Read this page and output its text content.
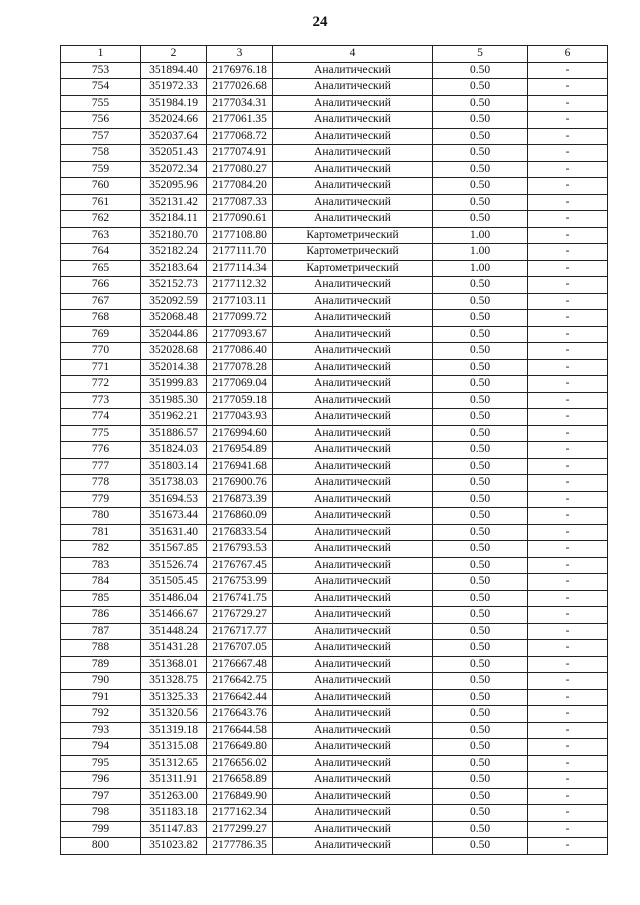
24
1	2	3	4	5	6
753	351894.40	2176976.18	Аналитический	0.50	-
754	351972.33	2177026.68	Аналитический	0.50	-
755	351984.19	2177034.31	Аналитический	0.50	-
756	352024.66	2177061.35	Аналитический	0.50	-
757	352037.64	2177068.72	Аналитический	0.50	-
758	352051.43	2177074.91	Аналитический	0.50	-
759	352072.34	2177080.27	Аналитический	0.50	-
760	352095.96	2177084.20	Аналитический	0.50	-
761	352131.42	2177087.33	Аналитический	0.50	-
762	352184.11	2177090.61	Аналитический	0.50	-
763	352180.70	2177108.80	Картометрический	1.00	-
764	352182.24	2177111.70	Картометрический	1.00	-
765	352183.64	2177114.34	Картометрический	1.00	-
766	352152.73	2177112.32	Аналитический	0.50	-
767	352092.59	2177103.11	Аналитический	0.50	-
768	352068.48	2177099.72	Аналитический	0.50	-
769	352044.86	2177093.67	Аналитический	0.50	-
770	352028.68	2177086.40	Аналитический	0.50	-
771	352014.38	2177078.28	Аналитический	0.50	-
772	351999.83	2177069.04	Аналитический	0.50	-
773	351985.30	2177059.18	Аналитический	0.50	-
774	351962.21	2177043.93	Аналитический	0.50	-
775	351886.57	2176994.60	Аналитический	0.50	-
776	351824.03	2176954.89	Аналитический	0.50	-
777	351803.14	2176941.68	Аналитический	0.50	-
778	351738.03	2176900.76	Аналитический	0.50	-
779	351694.53	2176873.39	Аналитический	0.50	-
780	351673.44	2176860.09	Аналитический	0.50	-
781	351631.40	2176833.54	Аналитический	0.50	-
782	351567.85	2176793.53	Аналитический	0.50	-
783	351526.74	2176767.45	Аналитический	0.50	-
784	351505.45	2176753.99	Аналитический	0.50	-
785	351486.04	2176741.75	Аналитический	0.50	-
786	351466.67	2176729.27	Аналитический	0.50	-
787	351448.24	2176717.77	Аналитический	0.50	-
788	351431.28	2176707.05	Аналитический	0.50	-
789	351368.01	2176667.48	Аналитический	0.50	-
790	351328.75	2176642.75	Аналитический	0.50	-
791	351325.33	2176642.44	Аналитический	0.50	-
792	351320.56	2176643.76	Аналитический	0.50	-
793	351319.18	2176644.58	Аналитический	0.50	-
794	351315.08	2176649.80	Аналитический	0.50	-
795	351312.65	2176656.02	Аналитический	0.50	-
796	351311.91	2176658.89	Аналитический	0.50	-
797	351263.00	2176849.90	Аналитический	0.50	-
798	351183.18	2177162.34	Аналитический	0.50	-
799	351147.83	2177299.27	Аналитический	0.50	-
800	351023.82	2177786.35	Аналитический	0.50	-
